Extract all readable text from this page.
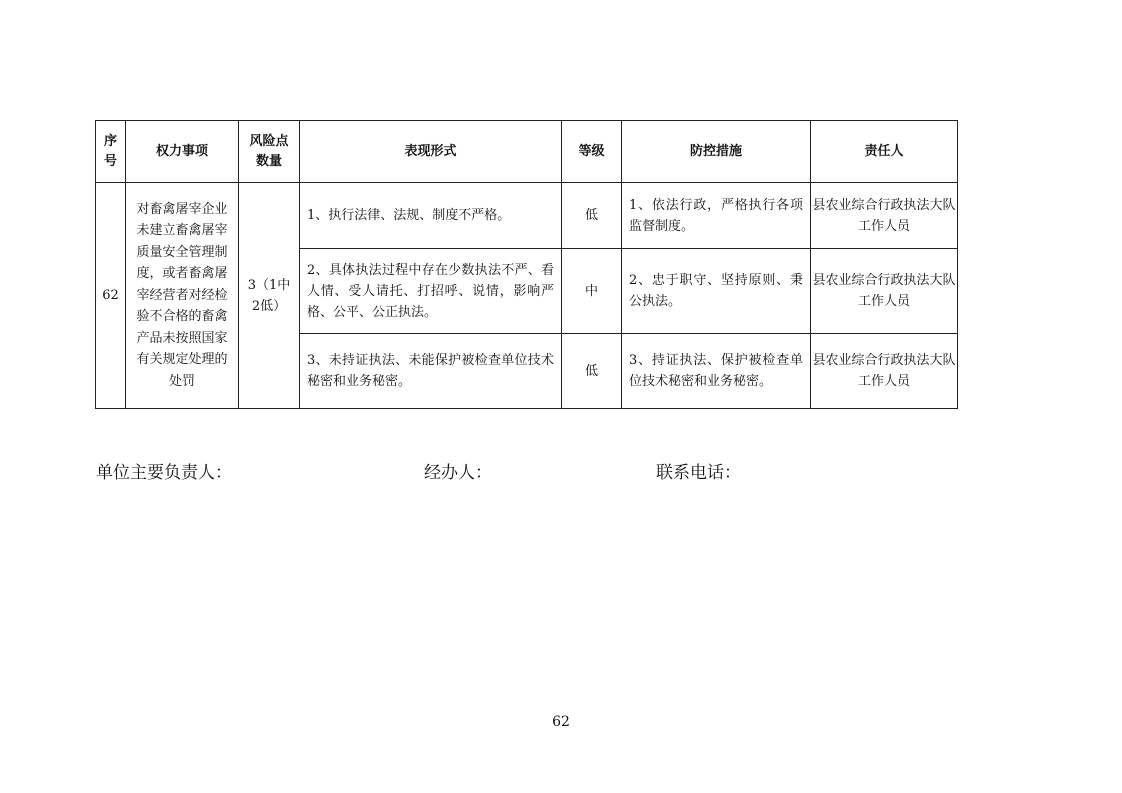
序号	权力事项	风险点数量	表现形式	等级	防控措施	责任人
62	对畜禽屠宰企业未建立畜禽屠宰质量安全管理制度，或者畜禽屠宰经营者对经检验不合格的畜禽产品未按照国家有关规定处理的处罚	3（1中2低）	1、执行法律、法规、制度不严格。	低	1、依法行政，严格执行各项监督制度。	县农业综合行政执法大队工作人员

			2、具体执法过程中存在少数执法不严、看人情、受人请托、打招呼、说情，影响严格、公平、公正执法。	中	2、忠于职守、坚持原则、秉公执法。	县农业综合行政执法大队工作人员

			3、未持证执法、未能保护被检查单位技术秘密和业务秘密。	低	3、持证执法、保护被检查单位技术秘密和业务秘密。	县农业综合行政执法大队工作人员
单位主要负责人：	经办人：	联系电话：
62
